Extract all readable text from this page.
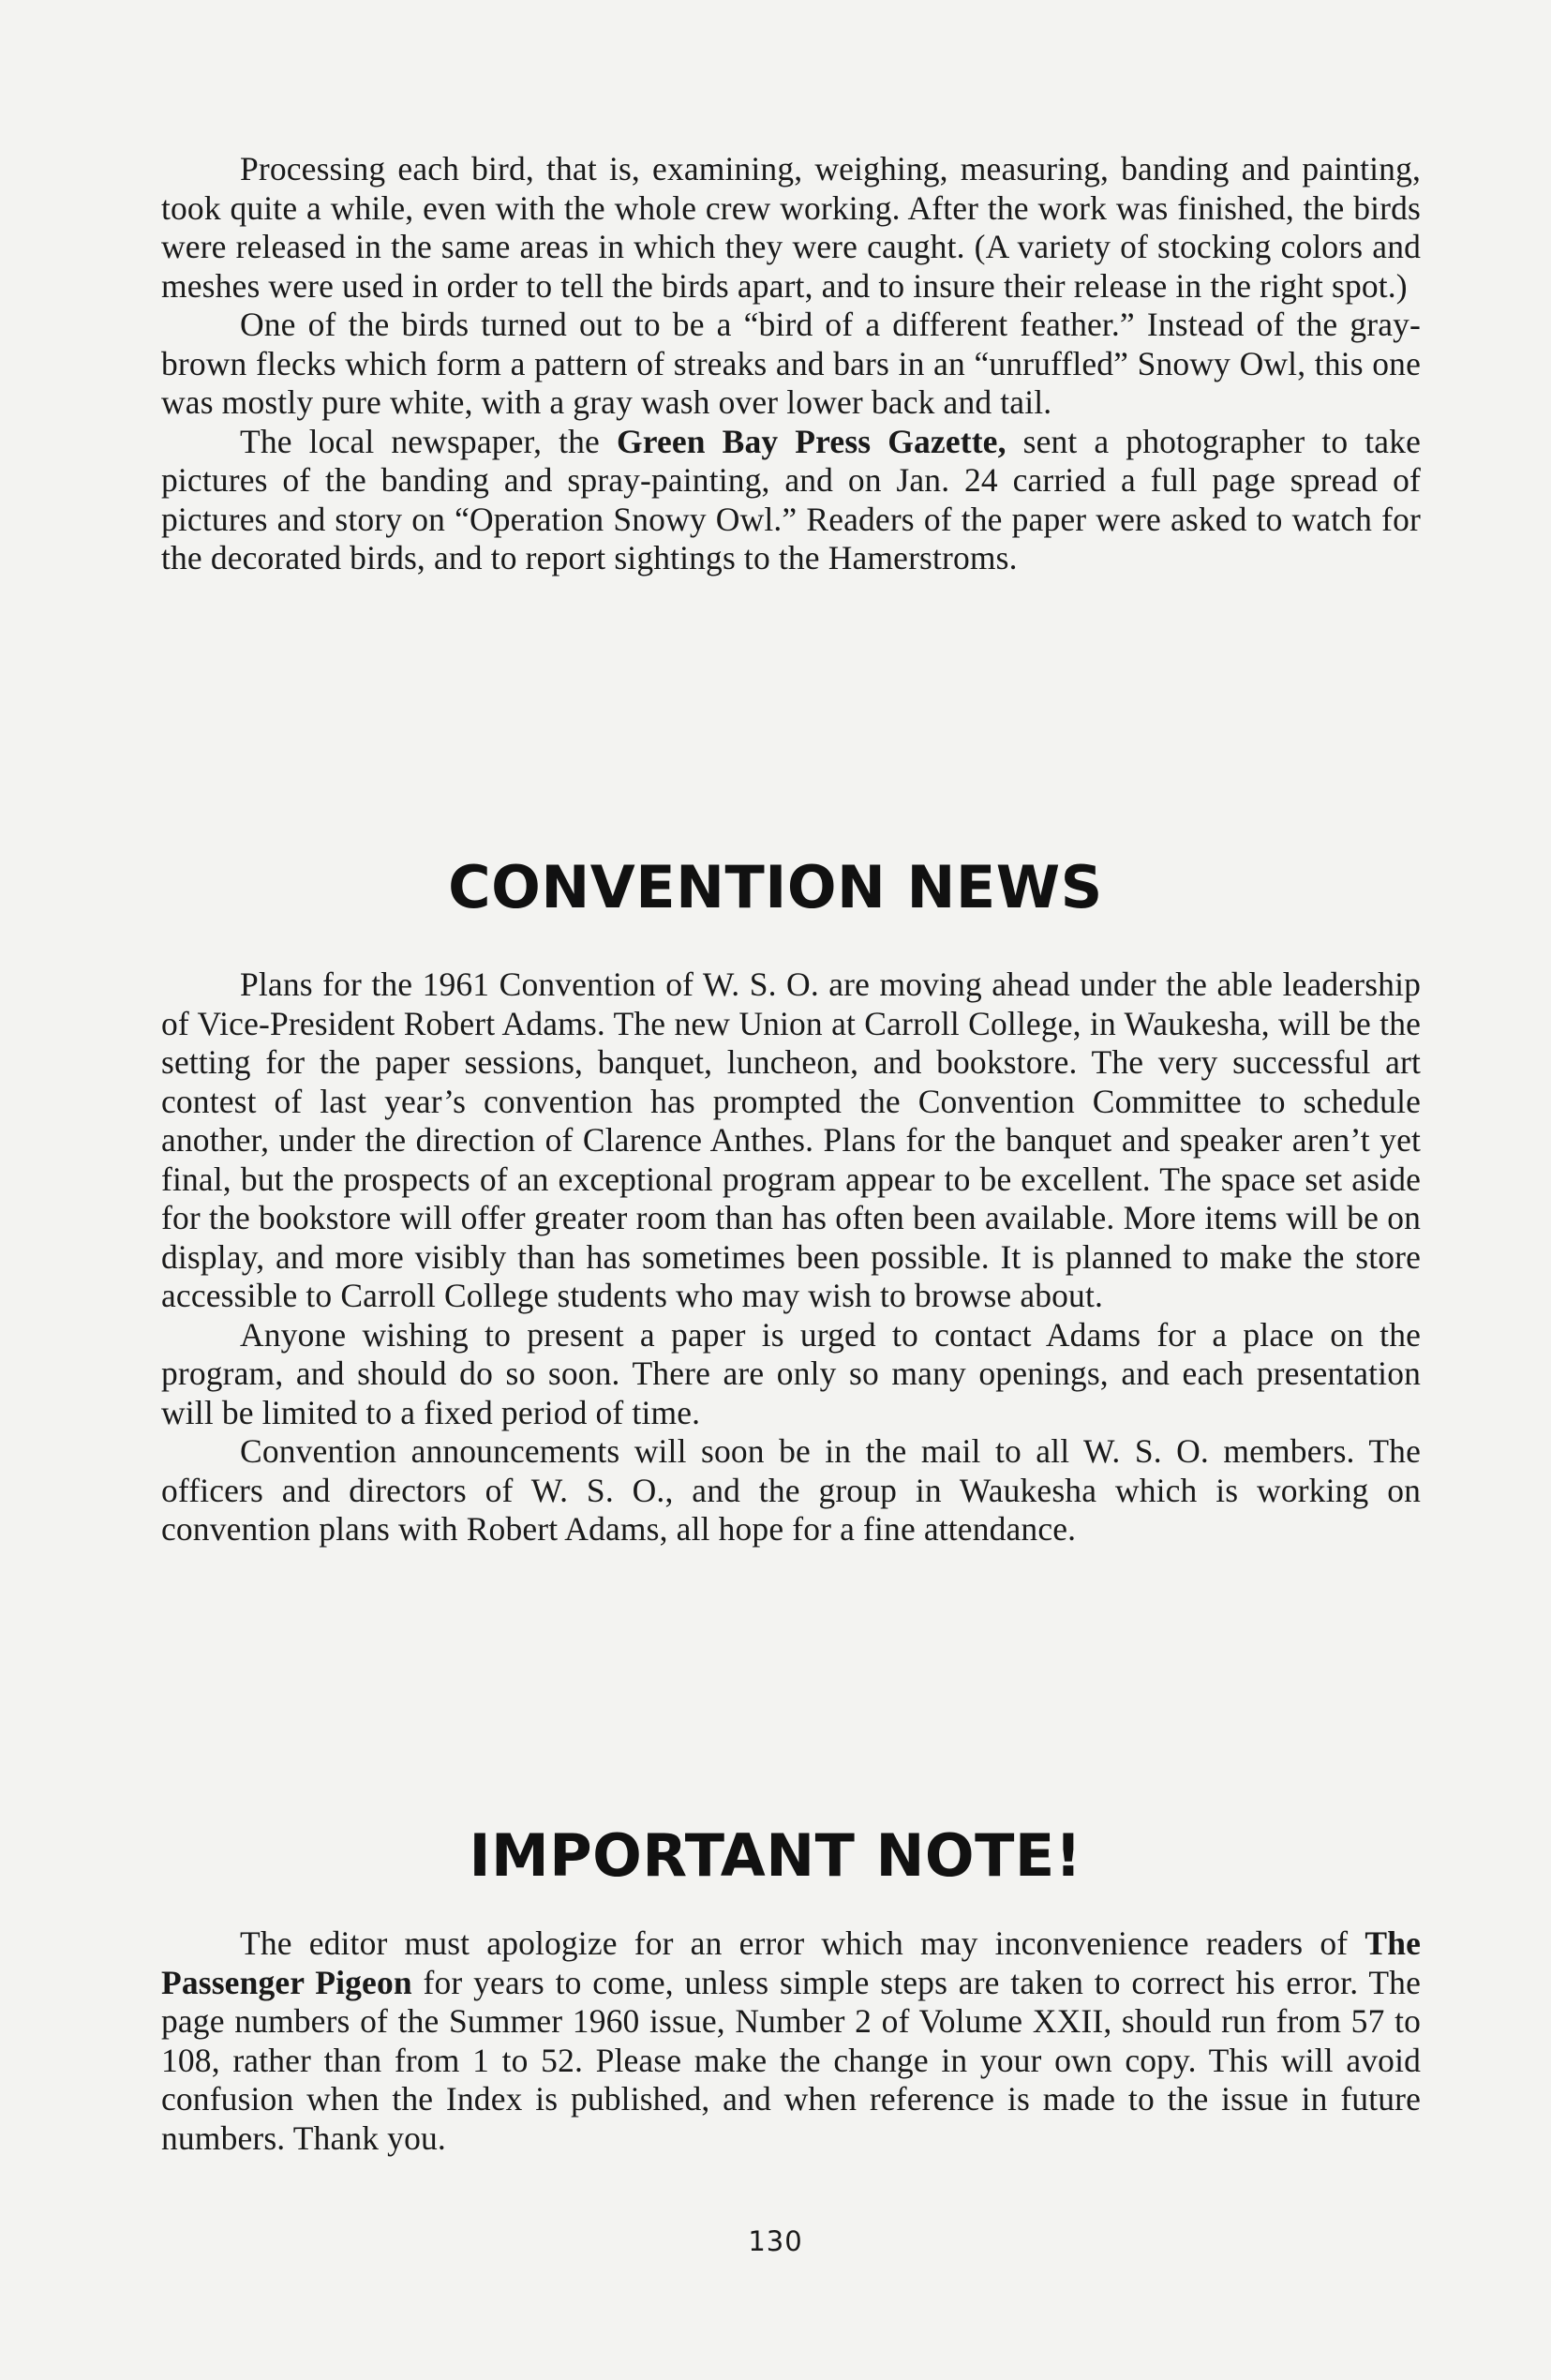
Processing each bird, that is, examining, weighing, measuring, banding and painting, took quite a while, even with the whole crew working. After the work was finished, the birds were released in the same areas in which they were caught. (A variety of stocking colors and meshes were used in order to tell the birds apart, and to insure their release in the right spot.)

One of the birds turned out to be a “bird of a different feather.” Instead of the gray-brown flecks which form a pattern of streaks and bars in an “unruffled” Snowy Owl, this one was mostly pure white, with a gray wash over lower back and tail.

The local newspaper, the Green Bay Press Gazette, sent a photographer to take pictures of the banding and spray-painting, and on Jan. 24 carried a full page spread of pictures and story on “Operation Snowy Owl.” Readers of the paper were asked to watch for the decorated birds, and to report sightings to the Hamerstroms.

CONVENTION NEWS

Plans for the 1961 Convention of W. S. O. are moving ahead under the able leadership of Vice-President Robert Adams. The new Union at Carroll College, in Waukesha, will be the setting for the paper sessions, banquet, luncheon, and bookstore. The very successful art contest of last year’s convention has prompted the Convention Committee to schedule another, under the direction of Clarence Anthes. Plans for the banquet and speaker aren’t yet final, but the prospects of an exceptional program appear to be excellent. The space set aside for the bookstore will offer greater room than has often been available. More items will be on display, and more visibly than has sometimes been possible. It is planned to make the store accessible to Carroll College students who may wish to browse about.

Anyone wishing to present a paper is urged to contact Adams for a place on the program, and should do so soon. There are only so many openings, and each presentation will be limited to a fixed period of time.

Convention announcements will soon be in the mail to all W. S. O. members. The officers and directors of W. S. O., and the group in Waukesha which is working on convention plans with Robert Adams, all hope for a fine attendance.

IMPORTANT NOTE!

The editor must apologize for an error which may inconvenience readers of The Passenger Pigeon for years to come, unless simple steps are taken to correct his error. The page numbers of the Summer 1960 issue, Number 2 of Volume XXII, should run from 57 to 108, rather than from 1 to 52. Please make the change in your own copy. This will avoid confusion when the Index is published, and when reference is made to the issue in future numbers. Thank you.

130
